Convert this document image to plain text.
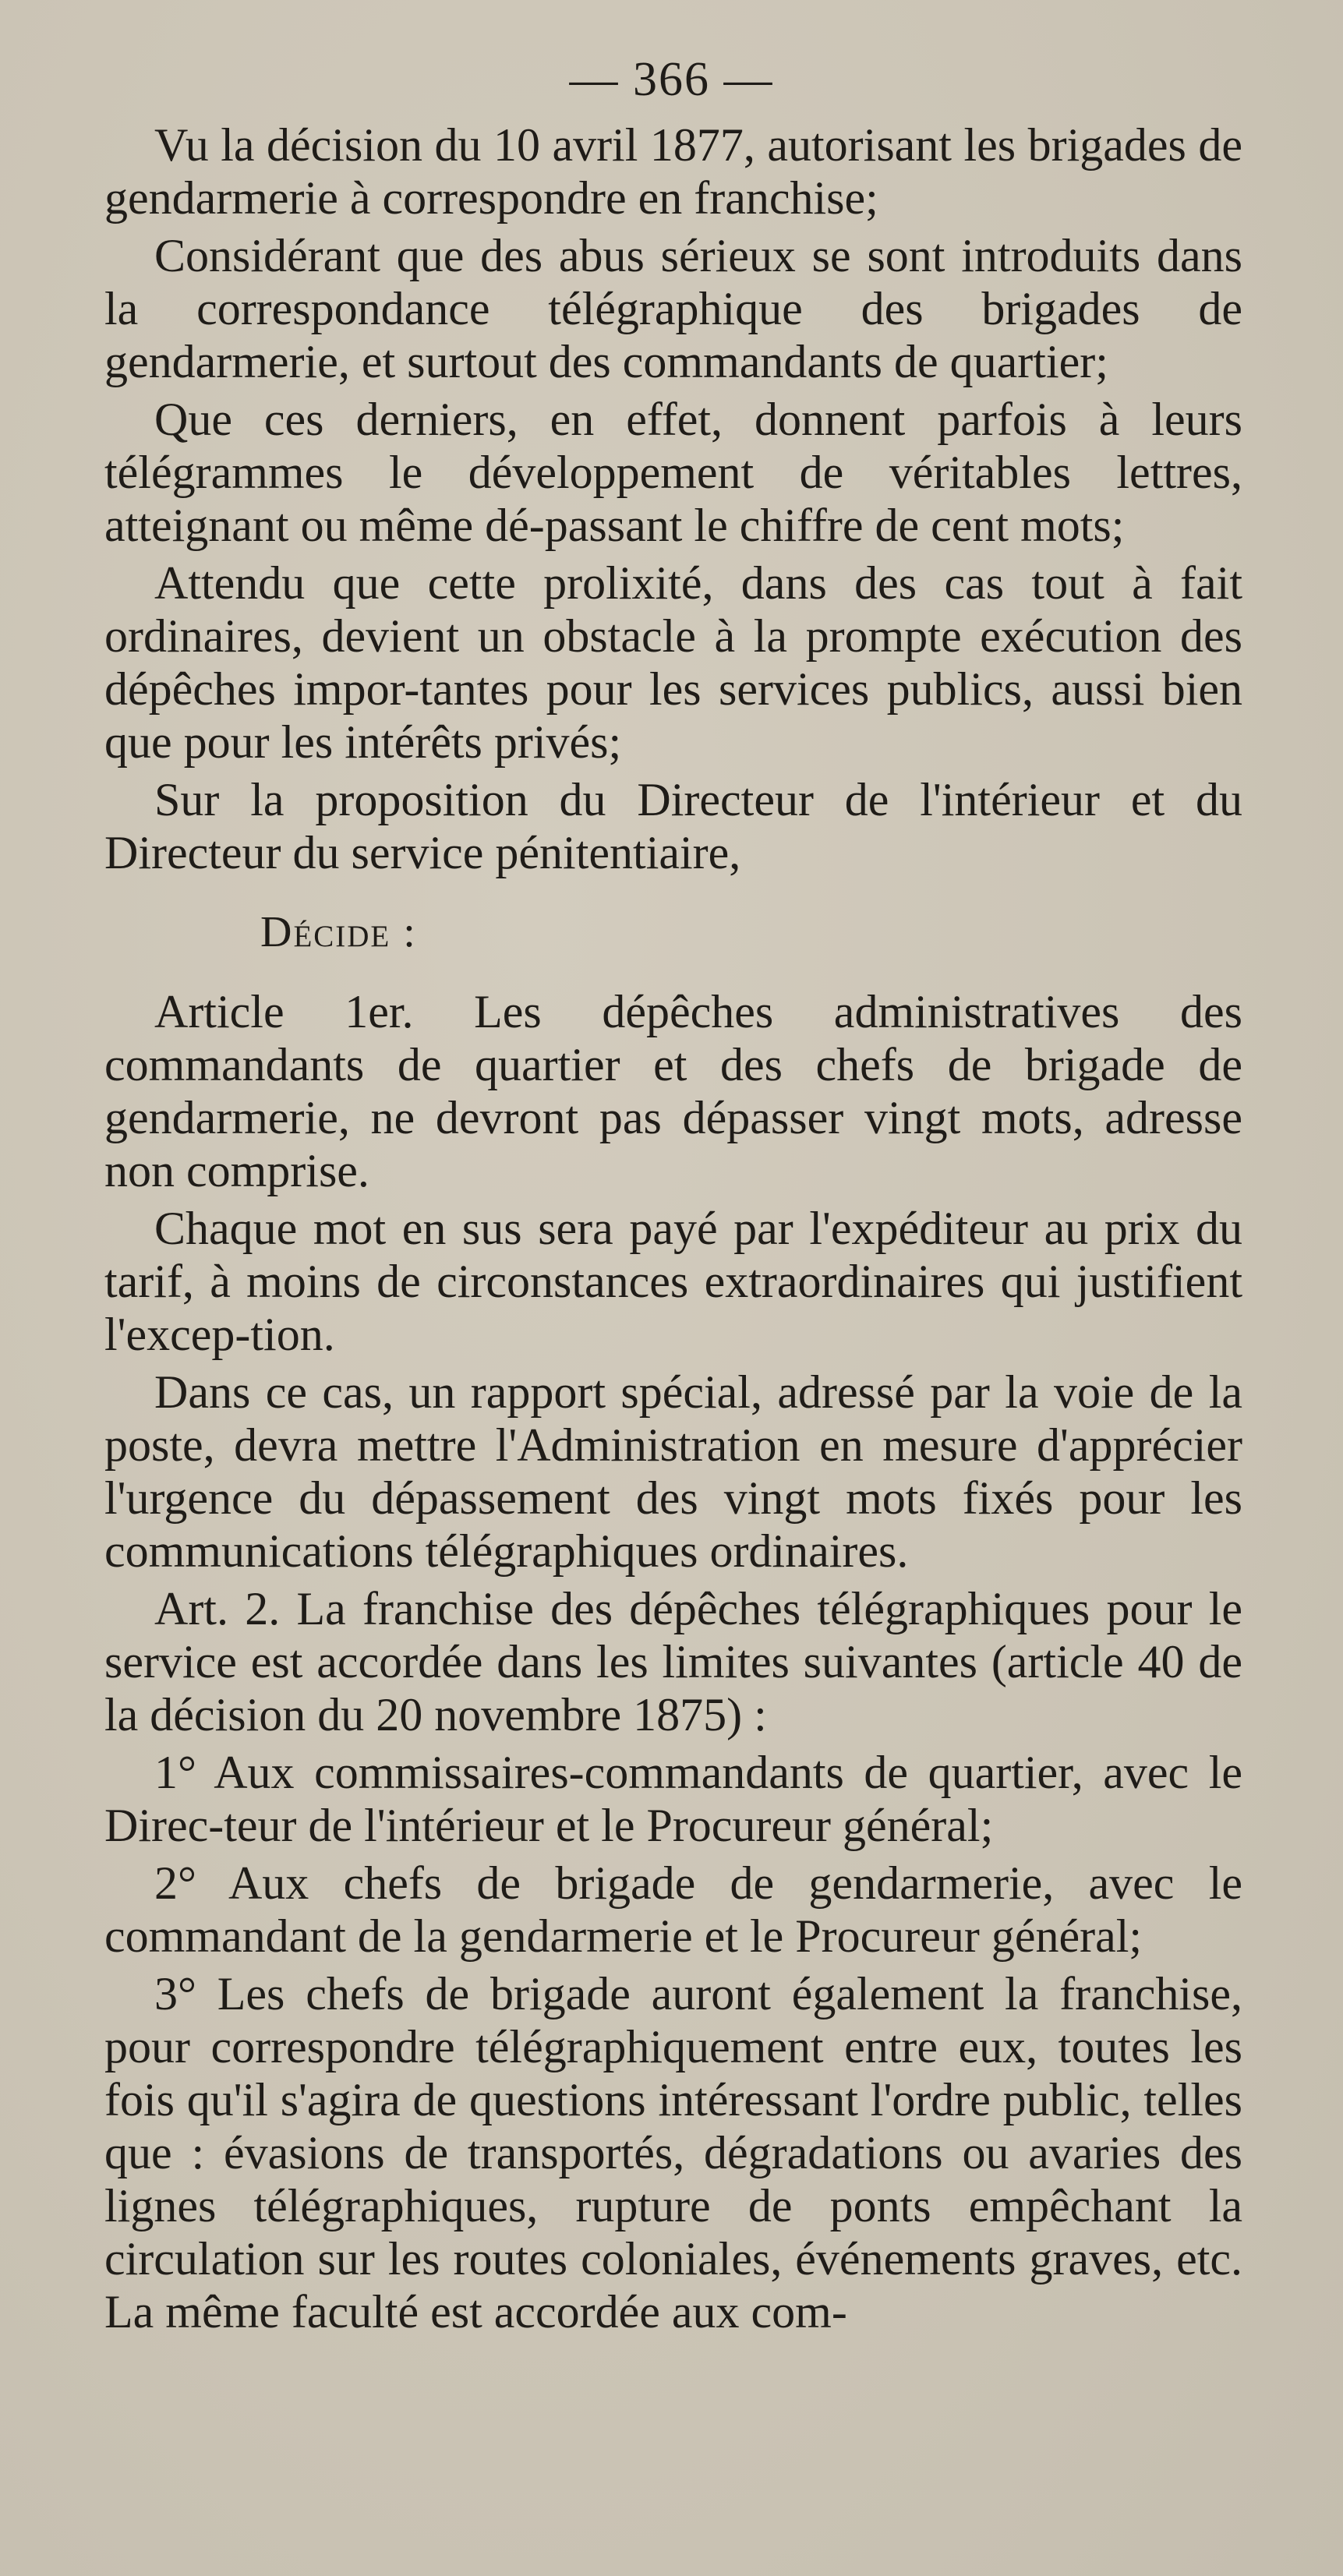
— 366 —

Vu la décision du 10 avril 1877, autorisant les brigades de gendarmerie à correspondre en franchise;

Considérant que des abus sérieux se sont introduits dans la correspondance télégraphique des brigades de gendarmerie, et surtout des commandants de quartier;

Que ces derniers, en effet, donnent parfois à leurs télégrammes le développement de véritables lettres, atteignant ou même dé-passant le chiffre de cent mots;

Attendu que cette prolixité, dans des cas tout à fait ordinaires, devient un obstacle à la prompte exécution des dépêches impor-tantes pour les services publics, aussi bien que pour les intérêts privés;

Sur la proposition du Directeur de l'intérieur et du Directeur du service pénitentiaire,

Décide :

Article 1er. Les dépêches administratives des commandants de quartier et des chefs de brigade de gendarmerie, ne devront pas dépasser vingt mots, adresse non comprise.

Chaque mot en sus sera payé par l'expéditeur au prix du tarif, à moins de circonstances extraordinaires qui justifient l'excep-tion.

Dans ce cas, un rapport spécial, adressé par la voie de la poste, devra mettre l'Administration en mesure d'apprécier l'urgence du dépassement des vingt mots fixés pour les communications télégraphiques ordinaires.

Art. 2. La franchise des dépêches télégraphiques pour le service est accordée dans les limites suivantes (article 40 de la décision du 20 novembre 1875) :

1° Aux commissaires-commandants de quartier, avec le Direc-teur de l'intérieur et le Procureur général;

2° Aux chefs de brigade de gendarmerie, avec le commandant de la gendarmerie et le Procureur général;

3° Les chefs de brigade auront également la franchise, pour correspondre télégraphiquement entre eux, toutes les fois qu'il s'agira de questions intéressant l'ordre public, telles que : évasions de transportés, dégradations ou avaries des lignes télégraphiques, rupture de ponts empêchant la circulation sur les routes coloniales, événements graves, etc. La même faculté est accordée aux com-
